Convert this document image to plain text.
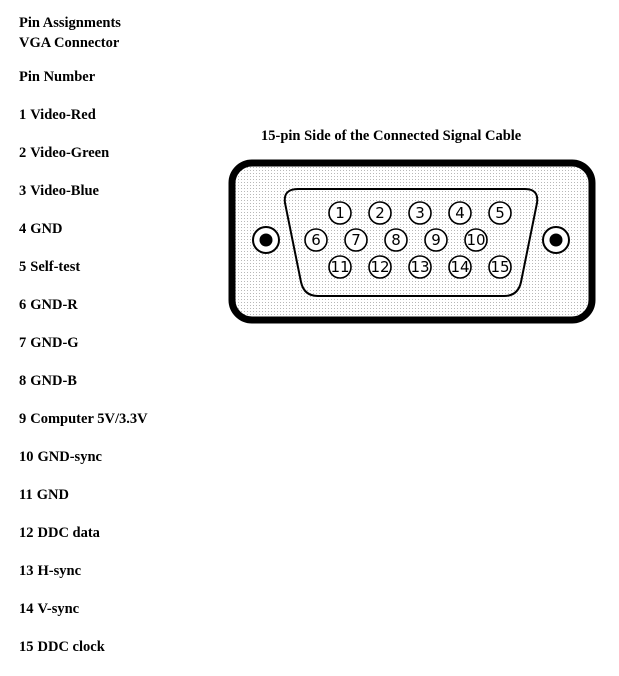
Pin Assignments
VGA Connector
Pin Number
1 Video-Red
2 Video-Green
3 Video-Blue
4 GND
5 Self-test
6 GND-R
7 GND-G
8 GND-B
9 Computer 5V/3.3V
10 GND-sync
11 GND
12 DDC data
13 H-sync
14 V-sync
15 DDC clock
15-pin Side of the Connected Signal Cable
1 2 3 4 5
6 7 8 9 10
11 12 13 14 15
